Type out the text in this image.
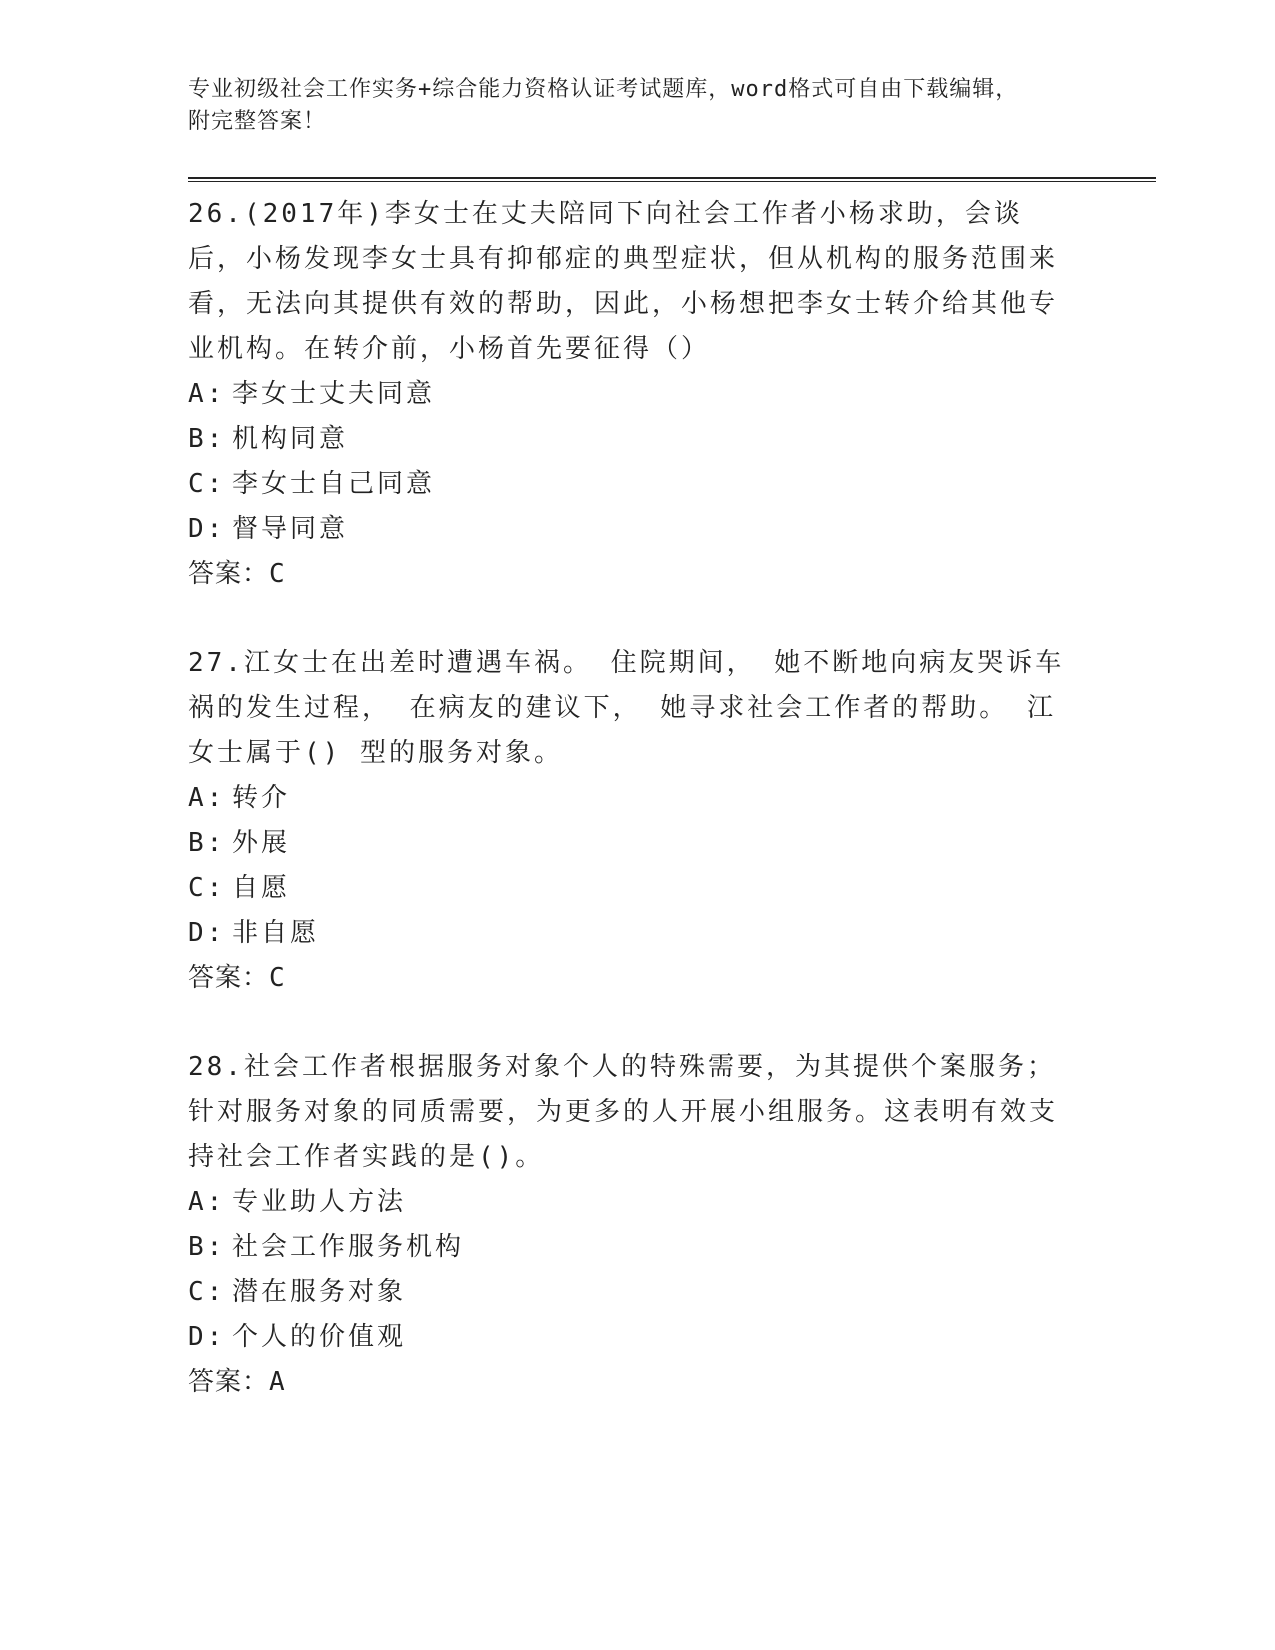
专业初级社会工作实务+综合能力资格认证考试题库，word格式可自由下载编辑，
附完整答案！

26.(2017年)李女士在丈夫陪同下向社会工作者小杨求助，会谈后，小杨发现李女士具有抑郁症的典型症状，但从机构的服务范围来看，无法向其提供有效的帮助，因此，小杨想把李女士转介给其他专业机构。在转介前，小杨首先要征得（）

A: 李女士丈夫同意

B: 机构同意

C: 李女士自己同意

D: 督导同意

答案：C

27.江女士在出差时遭遇车祸。 住院期间， 她不断地向病友哭诉车祸的发生过程， 在病友的建议下， 她寻求社会工作者的帮助。 江女士属于() 型的服务对象。

A: 转介

B: 外展

C: 自愿

D: 非自愿

答案：C

28.社会工作者根据服务对象个人的特殊需要，为其提供个案服务；针对服务对象的同质需要，为更多的人开展小组服务。这表明有效支持社会工作者实践的是()。

A: 专业助人方法

B: 社会工作服务机构

C: 潜在服务对象

D: 个人的价值观

答案：A
